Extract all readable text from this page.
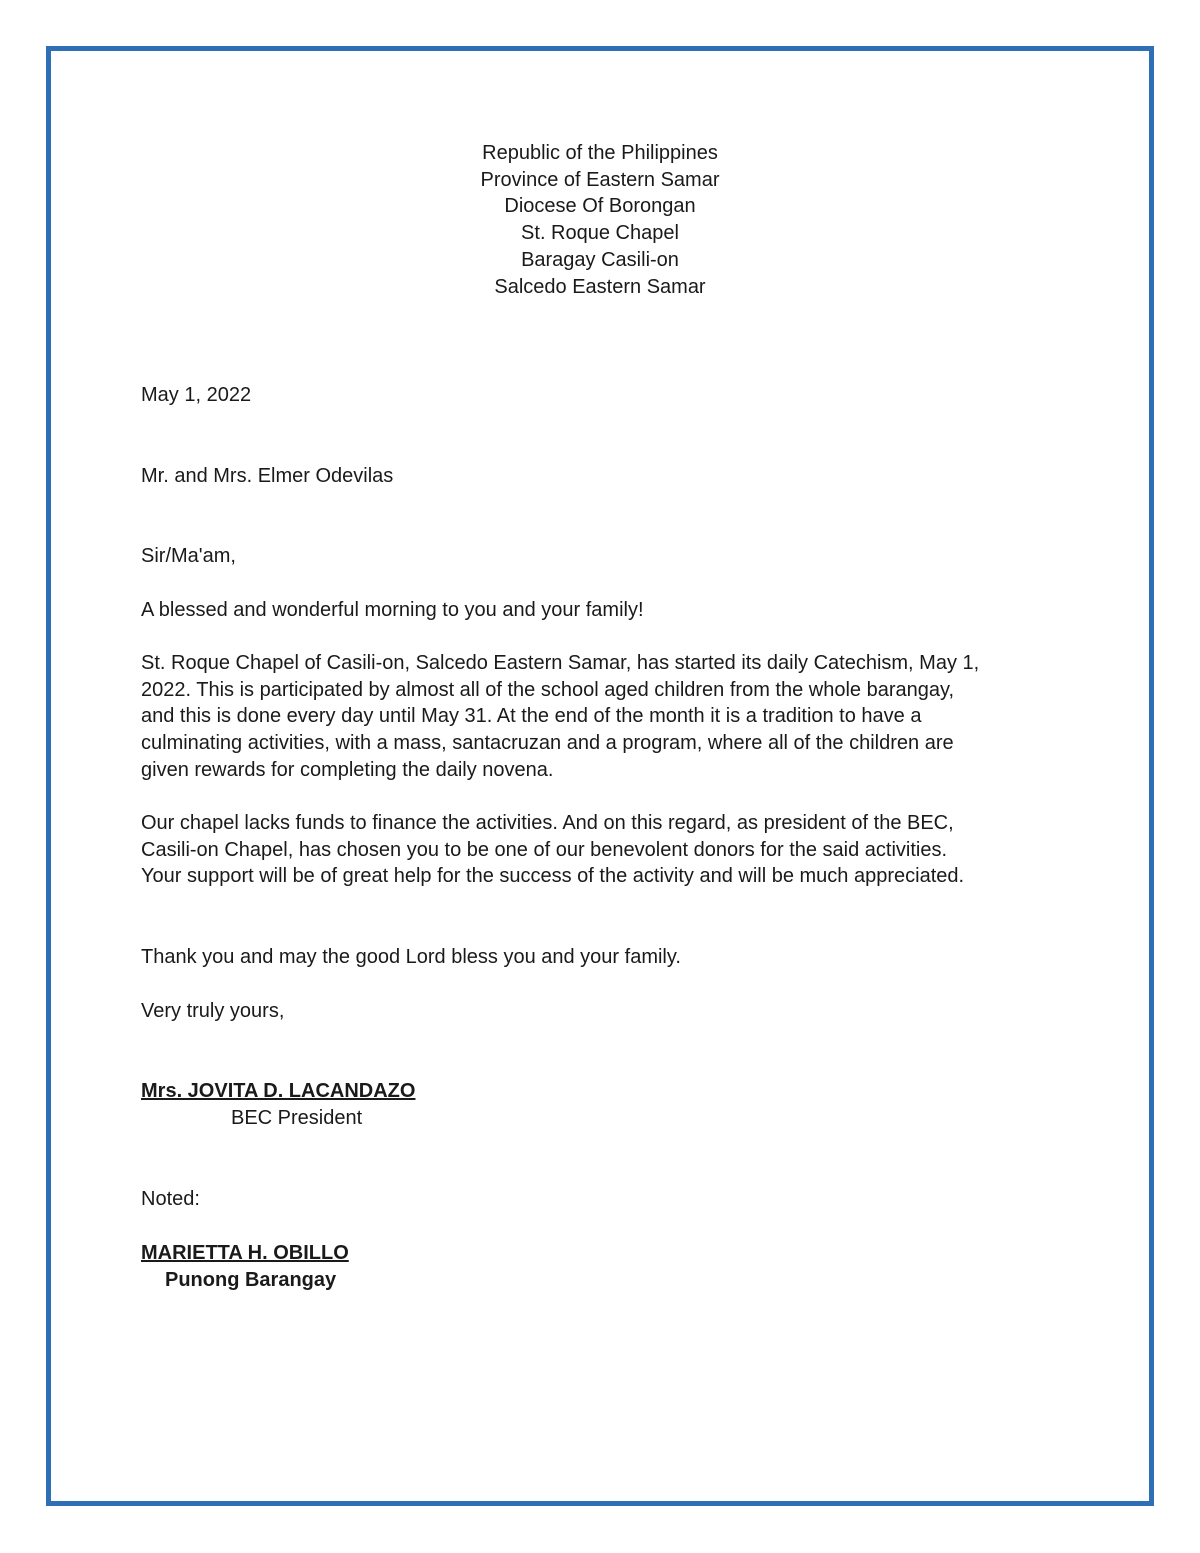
Republic of the Philippines
Province of Eastern Samar
Diocese Of Borongan
St. Roque Chapel
Baragay Casili-on
Salcedo Eastern Samar
May 1, 2022
Mr. and Mrs. Elmer Odevilas
Sir/Ma'am,
A blessed and wonderful morning to you and your family!
St. Roque Chapel of Casili-on, Salcedo Eastern Samar, has started its daily Catechism, May 1,
2022. This is participated by almost all of the school aged children from the whole barangay,
and this is done every day until May 31. At the end of the month it is a tradition to have a
culminating activities, with a mass, santacruzan and a program, where all of the children are
given rewards for completing the daily novena.
Our chapel lacks funds to finance the activities. And on this regard, as president of the BEC,
Casili-on Chapel, has chosen you to be one of our benevolent donors for the said activities.
Your support will be of great help for the success of the activity and will be much appreciated.
Thank you and may the good Lord bless you and your family.
Very truly yours,
Mrs. JOVITA D. LACANDAZO
BEC President
Noted:
MARIETTA H. OBILLO
Punong Barangay
